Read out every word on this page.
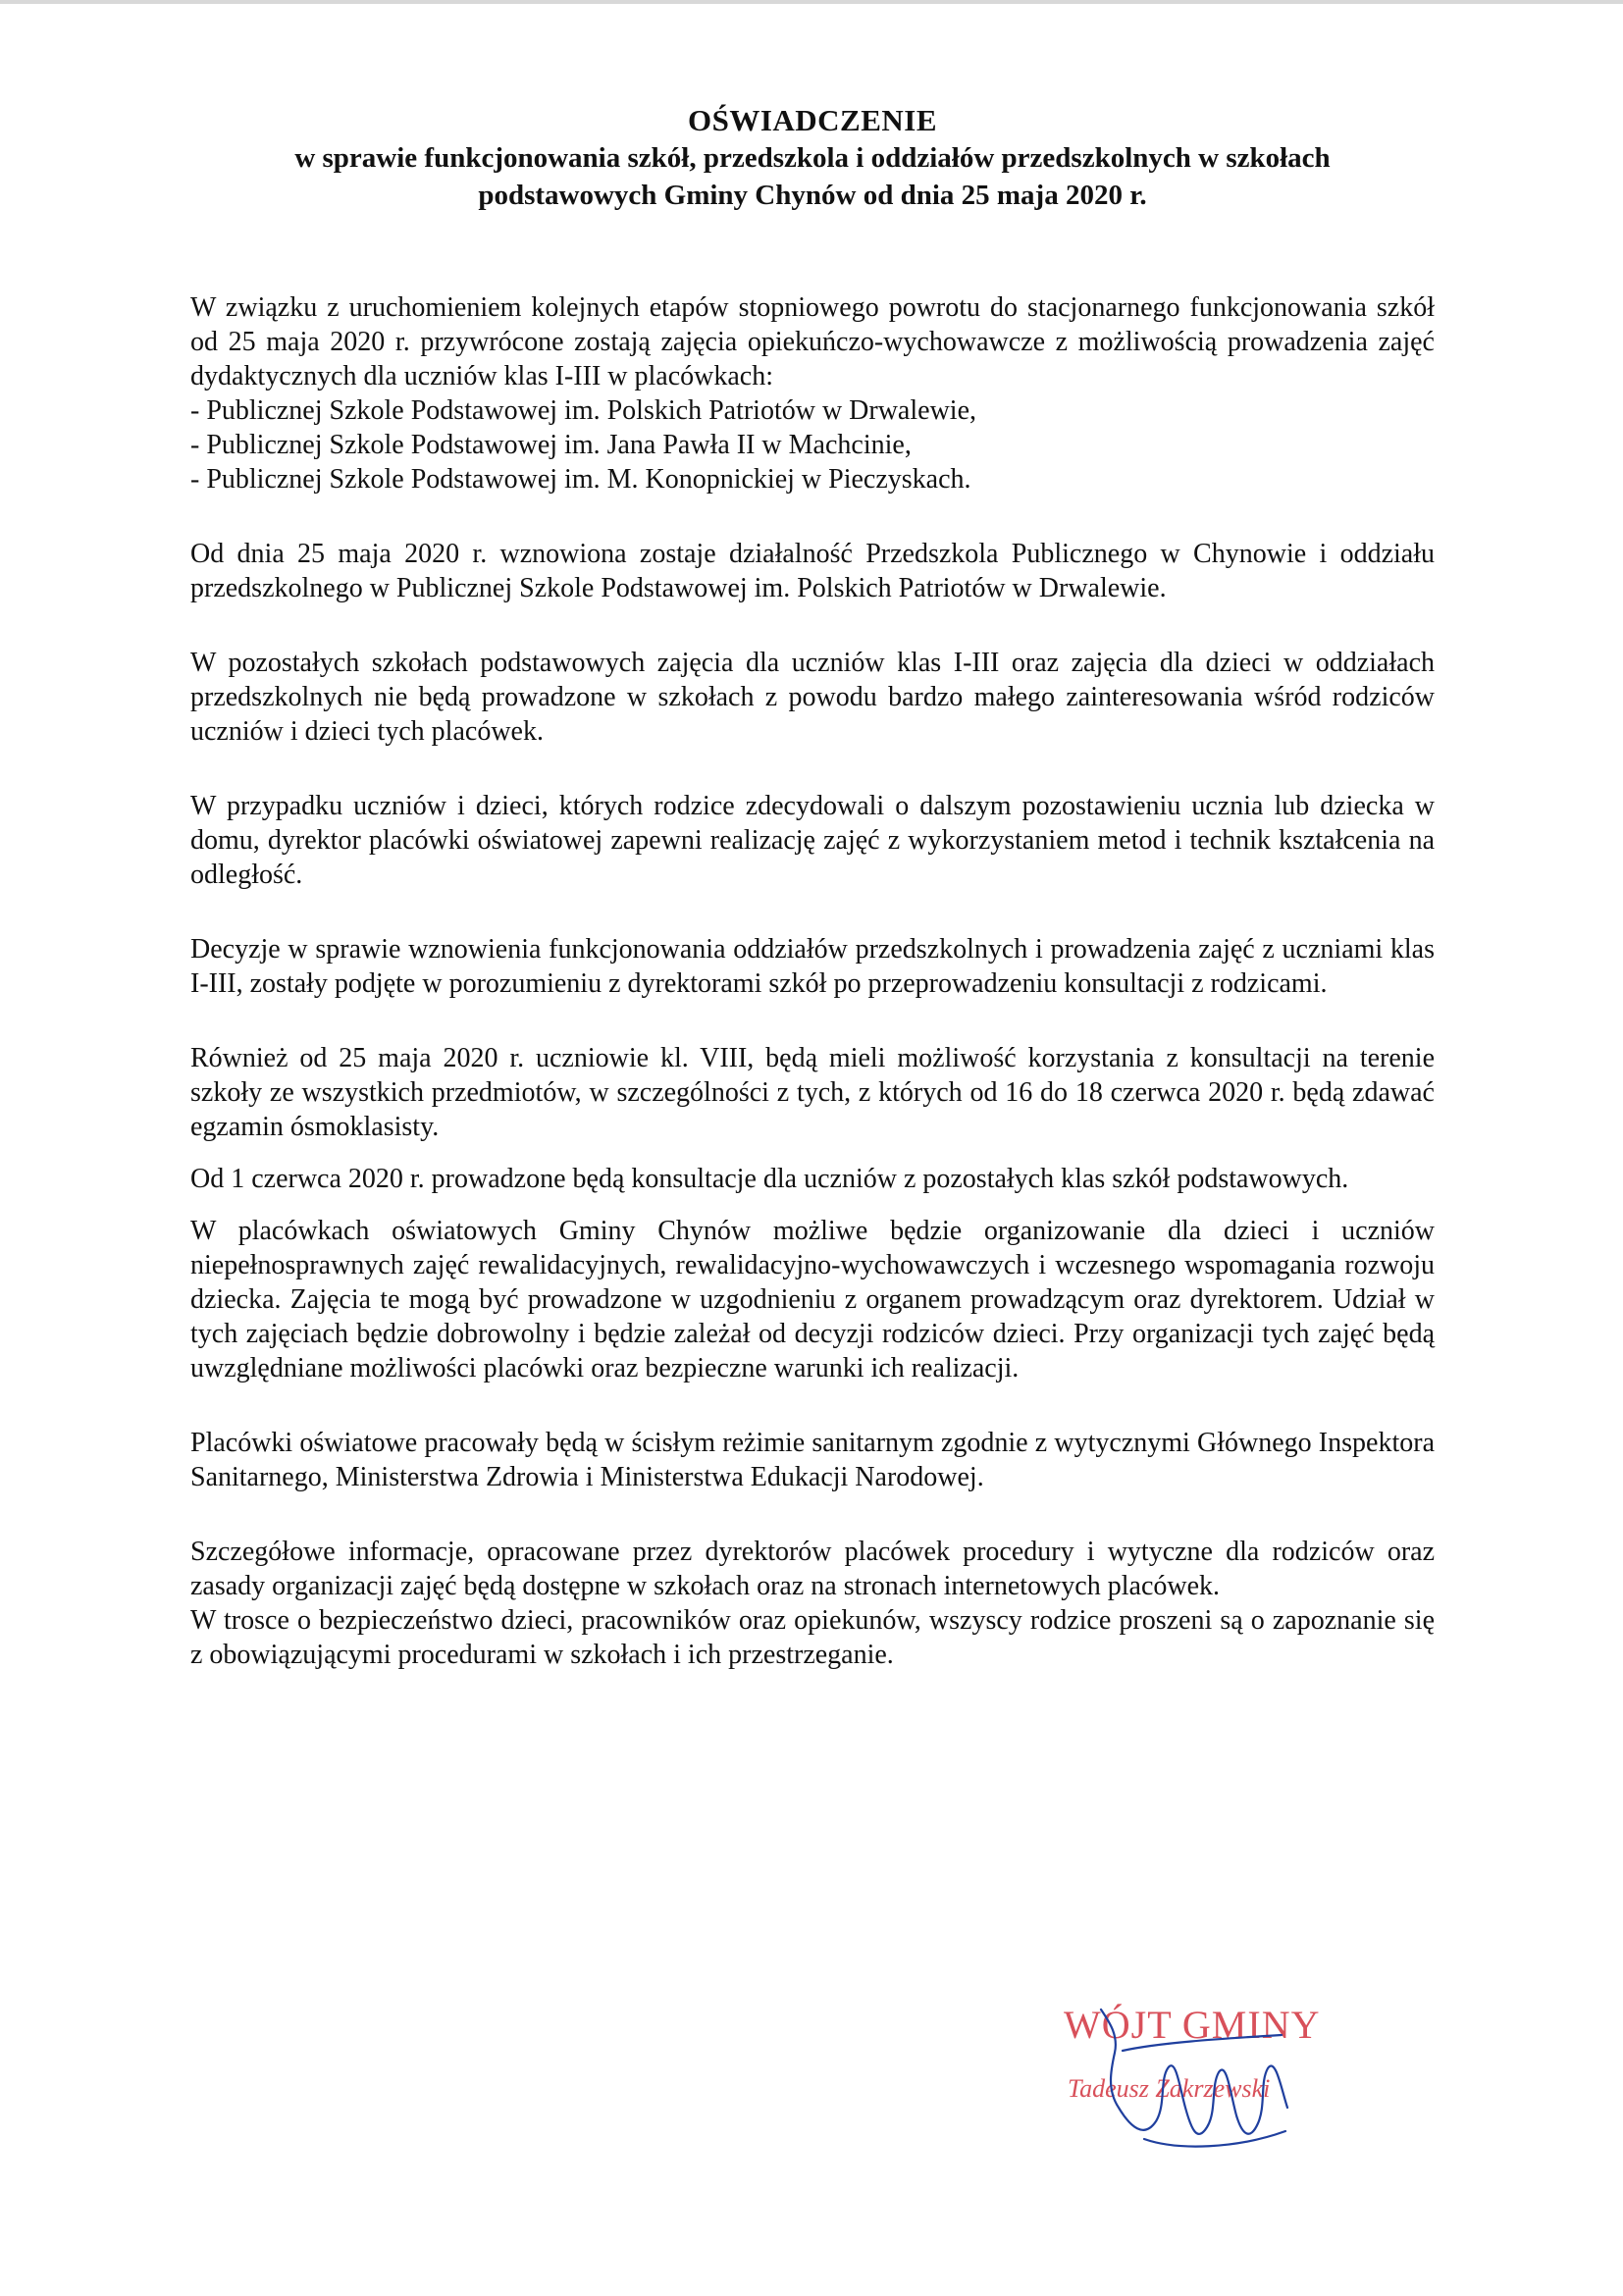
OŚWIADCZENIE
w sprawie funkcjonowania szkół, przedszkola i oddziałów przedszkolnych w szkołach
podstawowych Gminy Chynów od dnia 25 maja 2020 r.

W związku z uruchomieniem kolejnych etapów stopniowego powrotu do stacjonarnego funkcjonowania szkół od 25 maja 2020 r. przywrócone zostają zajęcia opiekuńczo-wychowawcze z możliwością prowadzenia zajęć dydaktycznych dla uczniów klas I-III w placówkach:

- Publicznej Szkole Podstawowej im. Polskich Patriotów w Drwalewie,

- Publicznej Szkole Podstawowej im. Jana Pawła II w Machcinie,

- Publicznej Szkole Podstawowej im. M. Konopnickiej w Pieczyskach.

Od dnia 25 maja 2020 r. wznowiona zostaje działalność Przedszkola Publicznego w Chynowie i oddziału przedszkolnego w Publicznej Szkole Podstawowej im. Polskich Patriotów w Drwalewie.

W pozostałych szkołach podstawowych zajęcia dla uczniów klas I-III oraz zajęcia dla dzieci w oddziałach przedszkolnych nie będą prowadzone w szkołach z powodu bardzo małego zainteresowania wśród rodziców uczniów i dzieci tych placówek.

W przypadku uczniów i dzieci, których rodzice zdecydowali o dalszym pozostawieniu ucznia lub dziecka w domu, dyrektor placówki oświatowej zapewni realizację zajęć z wykorzystaniem metod i technik kształcenia na odległość.

Decyzje w sprawie wznowienia funkcjonowania oddziałów przedszkolnych i prowadzenia zajęć z uczniami klas I-III, zostały podjęte w porozumieniu z dyrektorami szkół po przeprowadzeniu konsultacji z rodzicami.

Również od 25 maja 2020 r. uczniowie kl. VIII, będą mieli możliwość korzystania z konsultacji na terenie szkoły ze wszystkich przedmiotów, w szczególności z tych, z których od 16 do 18 czerwca 2020 r. będą zdawać egzamin ósmoklasisty.

Od 1 czerwca 2020 r. prowadzone będą konsultacje dla uczniów z pozostałych klas szkół podstawowych.

W placówkach oświatowych Gminy Chynów możliwe będzie organizowanie dla dzieci i uczniów niepełnosprawnych zajęć rewalidacyjnych, rewalidacyjno-wychowawczych i wczesnego wspomagania rozwoju dziecka. Zajęcia te mogą być prowadzone w uzgodnieniu z organem prowadzącym oraz dyrektorem. Udział w tych zajęciach będzie dobrowolny i będzie zależał od decyzji rodziców dzieci. Przy organizacji tych zajęć będą uwzględniane możliwości placówki oraz bezpieczne warunki ich realizacji.

Placówki oświatowe pracowały będą w ścisłym reżimie sanitarnym zgodnie z wytycznymi Głównego Inspektora Sanitarnego, Ministerstwa Zdrowia i Ministerstwa Edukacji Narodowej.

Szczegółowe informacje, opracowane przez dyrektorów placówek procedury i wytyczne dla rodziców oraz zasady organizacji zajęć będą dostępne w szkołach oraz na stronach internetowych placówek.

W trosce o bezpieczeństwo dzieci, pracowników oraz opiekunów, wszyscy rodzice proszeni są o zapoznanie się z obowiązującymi procedurami w szkołach i ich przestrzeganie.

WÓJT GMINY
Tadeusz Zakrzewski
